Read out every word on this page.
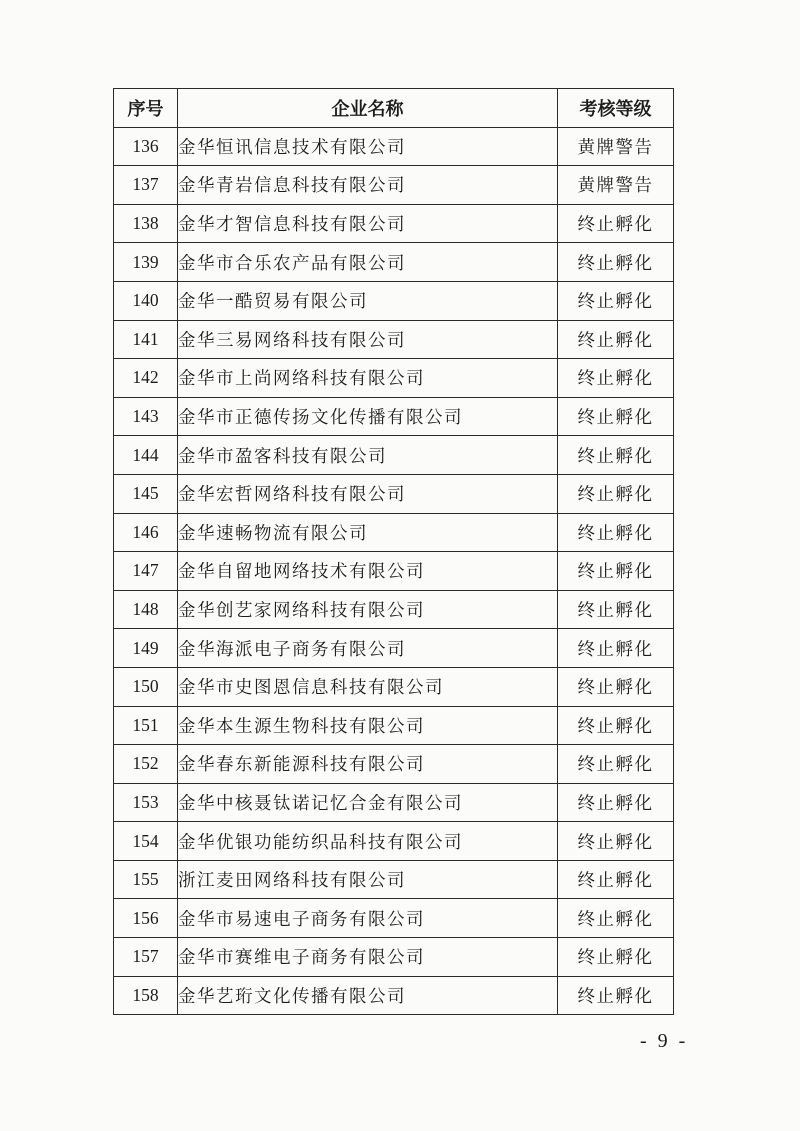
序号	企业名称	考核等级
136	金华恒讯信息技术有限公司	黄牌警告
137	金华青岩信息科技有限公司	黄牌警告
138	金华才智信息科技有限公司	终止孵化
139	金华市合乐农产品有限公司	终止孵化
140	金华一酷贸易有限公司	终止孵化
141	金华三易网络科技有限公司	终止孵化
142	金华市上尚网络科技有限公司	终止孵化
143	金华市正德传扬文化传播有限公司	终止孵化
144	金华市盈客科技有限公司	终止孵化
145	金华宏哲网络科技有限公司	终止孵化
146	金华速畅物流有限公司	终止孵化
147	金华自留地网络技术有限公司	终止孵化
148	金华创艺家网络科技有限公司	终止孵化
149	金华海派电子商务有限公司	终止孵化
150	金华市史图恩信息科技有限公司	终止孵化
151	金华本生源生物科技有限公司	终止孵化
152	金华春东新能源科技有限公司	终止孵化
153	金华中核聂钛诺记忆合金有限公司	终止孵化
154	金华优银功能纺织品科技有限公司	终止孵化
155	浙江麦田网络科技有限公司	终止孵化
156	金华市易速电子商务有限公司	终止孵化
157	金华市赛维电子商务有限公司	终止孵化
158	金华艺珩文化传播有限公司	终止孵化
- 9 -
